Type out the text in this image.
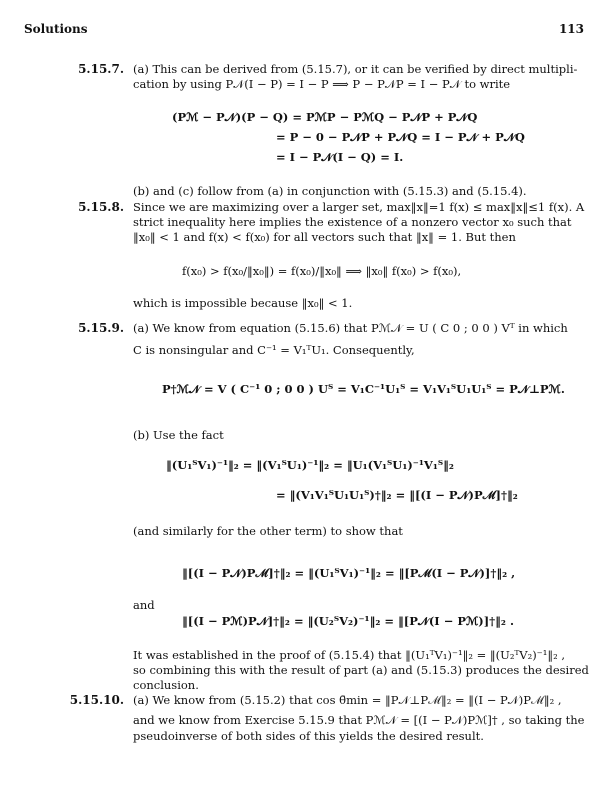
Solutions	113
5.15.7. (a) This can be derived from (5.15.7), or it can be verified by direct multipli-
cation by using P𝒩(I − P) = I − P ⟹ P − P𝒩P = I − P𝒩 to write
(Pℳ − P𝒩)(P − Q) = PℳP − PℳQ − P𝒩P + P𝒩Q
= P − 0 − P𝒩P + P𝒩Q = I − P𝒩 + P𝒩Q
= I − P𝒩(I − Q) = I.
(b) and (c) follow from (a) in conjunction with (5.15.3) and (5.15.4).
5.15.8. Since we are maximizing over a larger set, max‖x‖=1 f(x) ≤ max‖x‖≤1 f(x). A
strict inequality here implies the existence of a nonzero vector x₀ such that
‖x₀‖ < 1 and f(x) < f(x₀) for all vectors such that ‖x‖ = 1. But then
f(x₀) > f(x₀/‖x₀‖) = f(x₀)/‖x₀‖ ⟹ ‖x₀‖ f(x₀) > f(x₀),
which is impossible because ‖x₀‖ < 1.
5.15.9. (a) We know from equation (5.15.6) that Pℳ𝒩 = U ( C 0 ; 0 0 ) Vᵀ in which
C is nonsingular and C⁻¹ = V₁ᵀU₁. Consequently,
P†ℳ𝒩 = V ( C⁻¹ 0 ; 0 0 ) Uᵀ = V₁C⁻¹U₁ᵀ = V₁V₁ᵀU₁U₁ᵀ = P𝒩⊥Pℳ.
(b) Use the fact
‖(U₁ᵀV₁)⁻¹‖₂ = ‖(V₁ᵀU₁)⁻¹‖₂ = ‖U₁(V₁ᵀU₁)⁻¹V₁ᵀ‖₂
= ‖(V₁V₁ᵀU₁U₁ᵀ)†‖₂ = ‖[(I − P𝒩)Pℳ]†‖₂
(and similarly for the other term) to show that
‖[(I − P𝒩)Pℳ]†‖₂ = ‖(U₁ᵀV₁)⁻¹‖₂ = ‖[Pℳ(I − P𝒩)]†‖₂ ,
and
‖[(I − Pℳ)P𝒩]†‖₂ = ‖(U₂ᵀV₂)⁻¹‖₂ = ‖[P𝒩(I − Pℳ)]†‖₂ .
It was established in the proof of (5.15.4) that ‖(U₁ᵀV₁)⁻¹‖₂ = ‖(U₂ᵀV₂)⁻¹‖₂ ,
so combining this with the result of part (a) and (5.15.3) produces the desired
conclusion.
5.15.10. (a) We know from (5.15.2) that cos θ̄min = ‖P𝒩⊥Pℳ‖₂ = ‖(I − P𝒩)Pℳ‖₂ ,
and we know from Exercise 5.15.9 that Pℳ𝒩 = [(I − P𝒩)Pℳ]† , so taking the
pseudoinverse of both sides of this yields the desired result.
